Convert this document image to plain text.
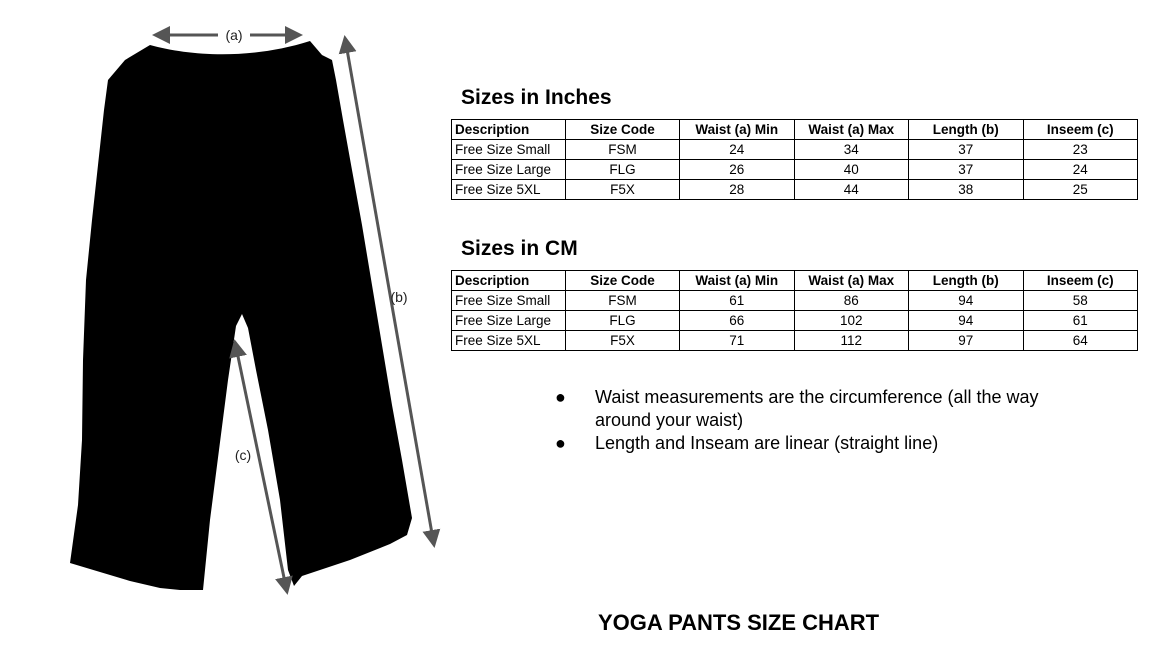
(a)
(b)
(c)
Sizes in Inches
Description	Size Code	Waist (a) Min	Waist (a) Max	Length (b)	Inseem (c)
Free Size Small	FSM	24	34	37	23
Free Size Large	FLG	26	40	37	24
Free Size 5XL	F5X	28	44	38	25
Sizes in CM
Description	Size Code	Waist (a) Min	Waist (a) Max	Length (b)	Inseem (c)
Free Size Small	FSM	61	86	94	58
Free Size Large	FLG	66	102	94	61
Free Size 5XL	F5X	71	112	97	64
● Waist measurements are the circumference (all the way around your waist)
● Length and Inseam are linear (straight line)
YOGA PANTS SIZE CHART
